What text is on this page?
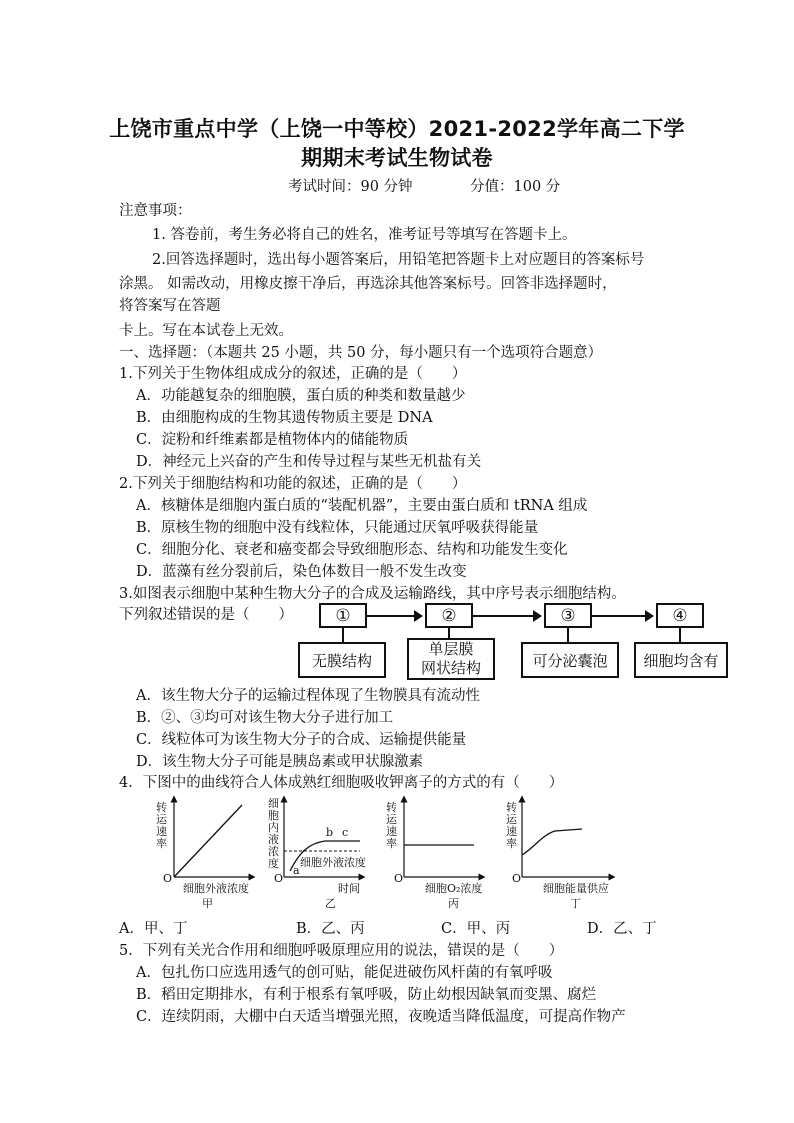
上饶市重点中学（上饶一中等校）2021-2022学年高二下学
期期末考试生物试卷
考试时间：90 分钟	分值：100 分
注意事项：
1. 答卷前，考生务必将自己的姓名，准考证号等填写在答题卡上。
2.回答选择题时，选出每小题答案后，用铅笔把答题卡上对应题目的答案标号
涂黑。 如需改动，用橡皮擦干净后，再选涂其他答案标号。回答非选择题时，
将答案写在答题
卡上。写在本试卷上无效。
一、选择题：（本题共 25 小题，共 50 分，每小题只有一个选项符合题意）
1.下列关于生物体组成成分的叙述，正确的是（　　）
A．功能越复杂的细胞膜，蛋白质的种类和数量越少
B．由细胞构成的生物其遗传物质主要是 DNA
C．淀粉和纤维素都是植物体内的储能物质
D．神经元上兴奋的产生和传导过程与某些无机盐有关
2.下列关于细胞结构和功能的叙述，正确的是（　　）
A．核糖体是细胞内蛋白质的“装配机器”，主要由蛋白质和 tRNA 组成
B．原核生物的细胞中没有线粒体，只能通过厌氧呼吸获得能量
C．细胞分化、衰老和癌变都会导致细胞形态、结构和功能发生变化
D．蓝藻有丝分裂前后，染色体数目一般不发生改变
3.如图表示细胞中某种生物大分子的合成及运输路线，其中序号表示细胞结构。
下列叙述错误的是（　　）	①	②	③	④
无膜结构
单层膜
网状结构	可分泌囊泡	细胞均含有
A．该生物大分子的运输过程体现了生物膜具有流动性
B．②、③均可对该生物大分子进行加工
C．线粒体可为该生物大分子的合成、运输提供能量
D．该生物大分子可能是胰岛素或甲状腺激素
4．下图中的曲线符合人体成熟红细胞吸收钾离子的方式的有（　　）
转运速率
O
细胞外液浓度
甲
细胞内液浓度
O
时间
乙
细胞外液浓度
a
b c
转运速率
O
细胞O₂浓度
丙
转运速率
O
细胞能量供应
丁
A．甲、丁	B．乙、丙	C．甲、丙	D．乙、丁
5．下列有关光合作用和细胞呼吸原理应用的说法，错误的是（　　）
A．包扎伤口应选用透气的创可贴，能促进破伤风杆菌的有氧呼吸
B．稻田定期排水，有利于根系有氧呼吸，防止幼根因缺氧而变黑、腐烂
C．连续阴雨，大棚中白天适当增强光照，夜晚适当降低温度，可提高作物产
